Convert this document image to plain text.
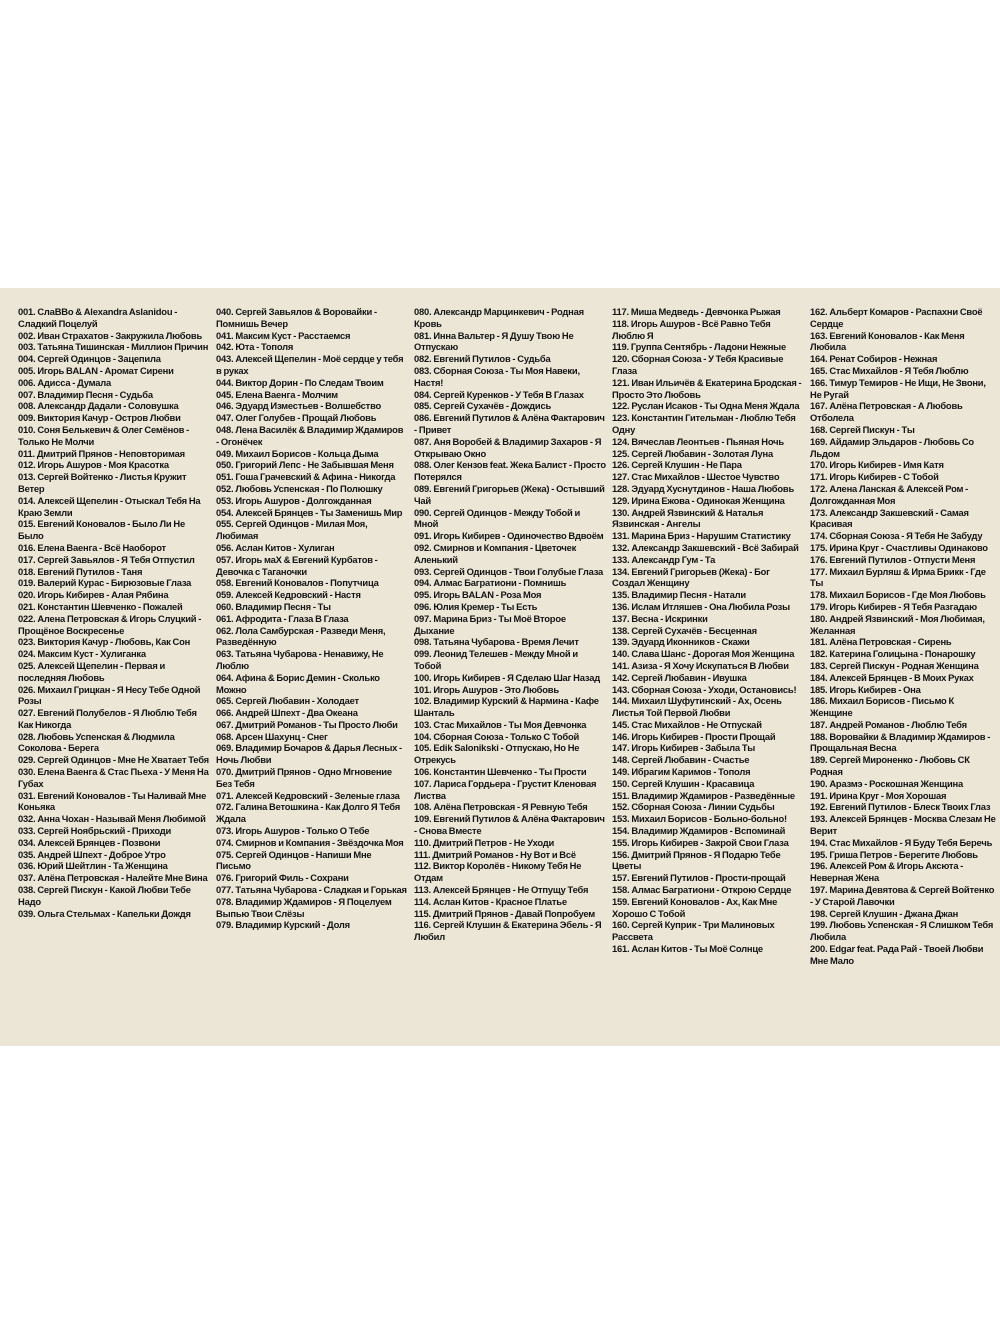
001. СлаВВо & Alexandra Aslanidou - Сладкий Поцелуй
002. Иван Страхатов - Закружила Любовь
003. Татьяна Тишинская - Миллион Причин
004. Сергей Одинцов - Зацепила
005. Игорь BALAN - Аромат Сирени
006. Адисса - Думала
007. Владимир Песня - Судьба
008. Александр Дадали - Соловушка
009. Виктория Качур - Остров Любви
010. Соня Белькевич & Олег Семёнов - Только Не Молчи
011. Дмитрий Прянов - Неповторимая
012. Игорь Ашуров - Моя Красотка
013. Сергей Войтенко - Листья Кружит Ветер
014. Алексей Щепелин - Отыскал Тебя На Краю Земли
015. Евгений Коновалов - Было Ли Не Было
016. Елена Ваенга - Всё Наоборот
017. Сергей Завьялов - Я Тебя Отпустил
018. Евгений Путилов - Таня
019. Валерий Курас - Бирюзовые Глаза
020. Игорь Кибирев - Алая Рябина
021. Константин Шевченко - Пожалей
022. Алена Петровская & Игорь Слуцкий - Прощёное Воскресенье
023. Виктория Качур - Любовь, Как Сон
024. Максим Куст - Хулиганка
025. Алексей Щепелин - Первая и последняя Любовь
026. Михаил Грицкан - Я Несу Тебе Одной Розы
027. Евгений Полубелов - Я Люблю Тебя Как Никогда
028. Любовь Успенская & Людмила Соколова - Берега
029. Сергей Одинцов - Мне Не Хватает Тебя
030. Елена Ваенга & Стас Пьеха - У Меня На Губах
031. Евгений Коновалов - Ты Наливай Мне Коньяка
032. Анна Чохан - Называй Меня Любимой
033. Сергей Ноябрьский - Приходи
034. Алексей Брянцев - Позвони
035. Андрей Шпехт - Доброе Утро
036. Юрий Шейтлин - Та Женщина
037. Алёна Петровская - Налейте Мне Вина
038. Сергей Пискун - Какой Любви Тебе Надо
039. Ольга Стельмах - Капельки Дождя
040. Сергей Завьялов & Воровайки - Помнишь Вечер
041. Максим Куст - Расстаемся
042. Юта - Тополя
043. Алексей Щепелин - Моё сердце у тебя в руках
044. Виктор Дорин - По Следам Твоим
045. Елена Ваенга - Молчим
046. Эдуард Изместьев - Волшебство
047. Олег Голубев - Прощай Любовь
048. Лена Василёк & Владимир Ждамиров - Огонёчек
049. Михаил Борисов - Кольца Дыма
050. Григорий Лепс - Не Забывшая Меня
051. Гоша Грачевский & Афина - Никогда
052. Любовь Успенская - По Полюшку
053. Игорь Ашуров - Долгожданная
054. Алексей Брянцев - Ты Заменишь Мир
055. Сергей Одинцов - Милая Моя, Любимая
056. Аслан Китов - Хулиган
057. Игорь маХ & Евгений Курбатов - Девочка с Таганочки
058. Евгений Коновалов - Попутчица
059. Алексей Кедровский - Настя
060. Владимир Песня - Ты
061. Афродита - Глаза В Глаза
062. Лола Самбурская - Разведи Меня, Разведённую
063. Татьяна Чубарова - Ненавижу, Не Люблю
064. Афина & Борис Демин - Сколько Можно
065. Сергей Любавин - Холодает
066. Андрей Шпехт - Два Океана
067. Дмитрий Романов - Ты Просто Люби
068. Арсен Шахунц - Снег
069. Владимир Бочаров & Дарья Лесных - Ночь Любви
070. Дмитрий Прянов - Одно Мгновение Без Тебя
071. Алексей Кедровский - Зеленые глаза
072. Галина Ветошкина - Как Долго Я Тебя Ждала
073. Игорь Ашуров - Только О Тебе
074. Смирнов и Компания - Звёздочка Моя
075. Сергей Одинцов - Напиши Мне Письмо
076. Григорий Филь - Сохрани
077. Татьяна Чубарова - Сладкая и Горькая
078. Владимир Ждамиров - Я Поцелуем Выпью Твои Слёзы
079. Владимир Курский - Доля
080. Александр Марцинкевич - Родная Кровь
081. Инна Вальтер - Я Душу Твою Не Отпускаю
082. Евгений Путилов - Судьба
083. Сборная Союза - Ты Моя Навеки, Настя!
084. Сергей Куренков - У Тебя В Глазах
085. Сергей Сухачёв - Дождись
086. Евгений Путилов & Алёна Фактарович - Привет
087. Аня Воробей & Владимир Захаров - Я Открываю Окно
088. Олег Кензов feat. Жека Балист - Просто Потерялся
089. Евгений Григорьев (Жека) - Остывший Чай
090. Сергей Одинцов - Между Тобой и Мной
091. Игорь Кибирев - Одиночество Вдвоём
092. Смирнов и Компания - Цветочек Аленький
093. Сергей Одинцов - Твои Голубые Глаза
094. Алмас Багратиони - Помнишь
095. Игорь BALAN - Роза Моя
096. Юлия Кремер - Ты Есть
097. Марина Бриз - Ты Моё Второе Дыхание
098. Татьяна Чубарова - Время Лечит
099. Леонид Телешев - Между Мной и Тобой
100. Игорь Кибирев - Я Сделаю Шаг Назад
101. Игорь Ашуров - Это Любовь
102. Владимир Курский & Нармина - Кафе Шанталь
103. Стас Михайлов - Ты Моя Девчонка
104. Сборная Союза - Только С Тобой
105. Edik Salonikski - Отпускаю, Но Не Отрекусь
106. Константин Шевченко - Ты Прости
107. Лариса Гордьера - Грустит Кленовая Листва
108. Алёна Петровская - Я Ревную Тебя
109. Евгений Путилов & Алёна Фактарович - Снова Вместе
110. Дмитрий Петров - Не Уходи
111. Дмитрий Романов - Ну Вот и Всё
112. Виктор Королёв - Никому Тебя Не Отдам
113. Алексей Брянцев - Не Отпущу Тебя
114. Аслан Китов - Красное Платье
115. Дмитрий Прянов - Давай Попробуем
116. Сергей Клушин & Екатерина Эбель - Я Любил
117. Миша Медведь - Девчонка Рыжая
118. Игорь Ашуров - Всё Равно Тебя Люблю Я
119. Группа Сентябрь - Ладони Нежные
120. Сборная Союза - У Тебя Красивые Глаза
121. Иван Ильичёв & Екатерина Бродская - Просто Это Любовь
122. Руслан Исаков - Ты Одна Меня Ждала
123. Константин Гительман - Люблю Тебя Одну
124. Вячеслав Леонтьев - Пьяная Ночь
125. Сергей Любавин - Золотая Луна
126. Сергей Клушин - Не Пара
127. Стас Михайлов - Шестое Чувство
128. Эдуард Хуснутдинов - Наша Любовь
129. Ирина Ежова - Одинокая Женщина
130. Андрей Язвинский & Наталья Язвинская - Ангелы
131. Марина Бриз - Нарушим Статистику
132. Александр Закшевский - Всё Забирай
133. Александр Гум - Та
134. Евгений Григорьев (Жека) - Бог Создал Женщину
135. Владимир Песня - Натали
136. Ислам Итляшев - Она Любила Розы
137. Весна - Искринки
138. Сергей Сухачёв - Бесценная
139. Эдуард Иконников - Скажи
140. Слава Шанс - Дорогая Моя Женщина
141. Азиза - Я Хочу Искупаться В Любви
142. Сергей Любавин - Ивушка
143. Сборная Союза - Уходи, Остановись!
144. Михаил Шуфутинский - Ах, Осень Листья Той Первой Любви
145. Стас Михайлов - Не Отпускай
146. Игорь Кибирев - Прости Прощай
147. Игорь Кибирев - Забыла Ты
148. Сергей Любавин - Счастье
149. Ибрагим Каримов - Тополя
150. Сергей Клушин - Красавица
151. Владимир Ждамиров - Разведённые
152. Сборная Союза - Линии Судьбы
153. Михаил Борисов - Больно-больно!
154. Владимир Ждамиров - Вспоминай
155. Игорь Кибирев - Закрой Свои Глаза
156. Дмитрий Прянов - Я Подарю Тебе Цветы
157. Евгений Путилов - Прости-прощай
158. Алмас Багратиони - Открою Сердце
159. Евгений Коновалов - Ах, Как Мне Хорошо С Тобой
160. Сергей Куприк - Три Малиновых Рассвета
161. Аслан Китов - Ты Моё Солнце
162. Альберт Комаров - Распахни Своё Сердце
163. Евгений Коновалов - Как Меня Любила
164. Ренат Собиров - Нежная
165. Стас Михайлов - Я Тебя Люблю
166. Тимур Темиров - Не Ищи, Не Звони, Не Ругай
167. Алёна Петровская - А Любовь Отболела
168. Сергей Пискун - Ты
169. Айдамир Эльдаров - Любовь Со Льдом
170. Игорь Кибирев - Имя Катя
171. Игорь Кибирев - С Тобой
172. Алена Ланская & Алексей Ром - Долгожданная Моя
173. Александр Закшевский - Самая Красивая
174. Сборная Союза - Я Тебя Не Забуду
175. Ирина Круг - Счастливы Одинаково
176. Евгений Путилов - Отпусти Меня
177. Михаил Бурляш & Ирма Брикк - Где Ты
178. Михаил Борисов - Где Моя Любовь
179. Игорь Кибирев - Я Тебя Разгадаю
180. Андрей Язвинский - Моя Любимая, Желанная
181. Алёна Петровская - Сирень
182. Катерина Голицына - Понарошку
183. Сергей Пискун - Родная Женщина
184. Алексей Брянцев - В Моих Руках
185. Игорь Кибирев - Она
186. Михаил Борисов - Письмо К Женщине
187. Андрей Романов - Люблю Тебя
188. Воровайки & Владимир Ждамиров - Прощальная Весна
189. Сергей Мироненко - Любовь СК Родная
190. Аразмэ - Роскошная Женщина
191. Ирина Круг - Моя Хорошая
192. Евгений Путилов - Блеск Твоих Глаз
193. Алексей Брянцев - Москва Слезам Не Верит
194. Стас Михайлов - Я Буду Тебя Беречь
195. Гриша Петров - Берегите Любовь
196. Алексей Ром & Игорь Аксюта - Невернaя Жена
197. Марина Девятова & Сергей Войтенко - У Старой Лавочки
198. Сергей Клушин - Джана Джан
199. Любовь Успенская - Я Слишком Тебя Любила
200. Edgar feat. Рада Рай - Твоей Любви Мне Мало
